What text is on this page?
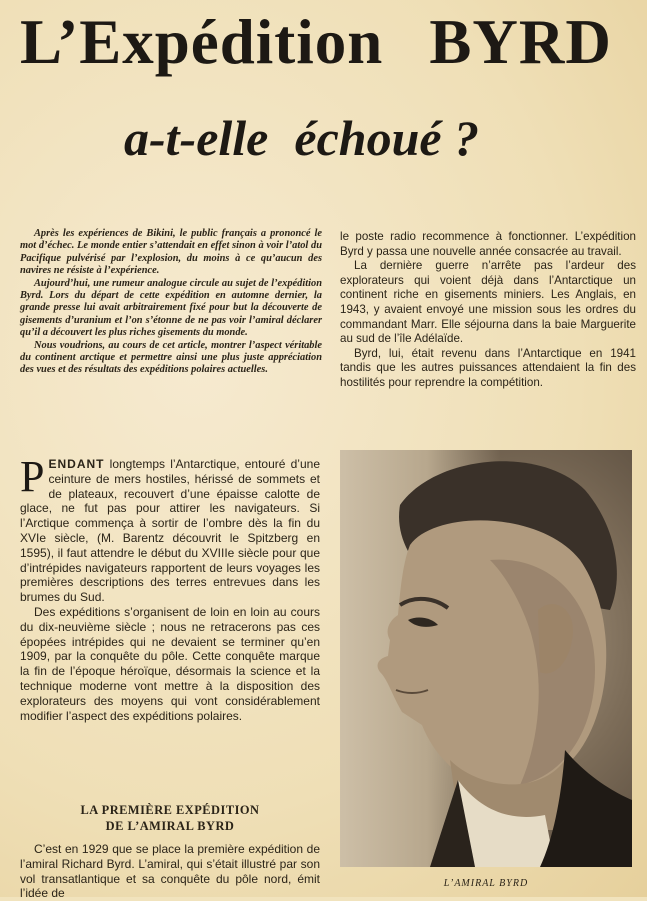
L’Expédition BYRD
a-t-elle échoué ?

Après les expériences de Bikini, le public français a prononcé le mot d’échec. Le monde entier s’attendait en effet sinon à voir l’atol du Pacifique pulvérisé par l’explosion, du moins à ce qu’aucun des navires ne résiste à l’expérience.

Aujourd’hui, une rumeur analogue circule au sujet de l’expédition Byrd. Lors du départ de cette expédition en automne dernier, la grande presse lui avait arbitrairement fixé pour but la découverte de gisements d’uranium et l’on s’étonne de ne pas voir l’amiral déclarer qu’il a découvert les plus riches gisements du monde.

Nous voudrions, au cours de cet article, montrer l’aspect véritable du continent arctique et permettre ainsi une plus juste appréciation des vues et des résultats des expéditions polaires actuelles.

le poste radio recommence à fonctionner. L’expédition Byrd y passa une nouvelle année consacrée au travail.

La dernière guerre n’arrête pas l’ardeur des explorateurs qui voient déjà dans l’Antarctique un continent riche en gisements miniers. Les Anglais, en 1943, y avaient envoyé une mission sous les ordres du commandant Marr. Elle séjourna dans la baie Marguerite au sud de l’île Adélaïde.

Byrd, lui, était revenu dans l’Antarctique en 1941 tandis que les autres puissances attendaient la fin des hostilités pour reprendre la compétition.

PENDANT longtemps l’Antarctique, entouré d’une ceinture de mers hostiles, hérissé de sommets et de plateaux, recouvert d’une épaisse calotte de glace, ne fut pas pour attirer les navigateurs. Si l’Arctique commença à sortir de l’ombre dès la fin du XVIe siècle, (M. Barentz découvrit le Spitzberg en 1595), il faut attendre le début du XVIIIe siècle pour que d’intrépides navigateurs rapportent de leurs voyages les premières descriptions des terres entrevues dans les brumes du Sud.

Des expéditions s’organisent de loin en loin au cours du dix-neuvième siècle ; nous ne retracerons pas ces épopées intrépides qui ne devaient se terminer qu’en 1909, par la conquête du pôle. Cette conquête marque la fin de l’époque héroïque, désormais la science et la technique moderne vont mettre à la disposition des explorateurs des moyens qui vont considérablement modifier l’aspect des expéditions polaires.

LA PREMIÈRE EXPÉDITION
DE L’AMIRAL BYRD

C’est en 1929 que se place la première expédition de l’amiral Richard Byrd. L’amiral, qui s’était illustré par son vol transatlantique et sa conquête du pôle nord, émit l’idée de

L’AMIRAL BYRD
